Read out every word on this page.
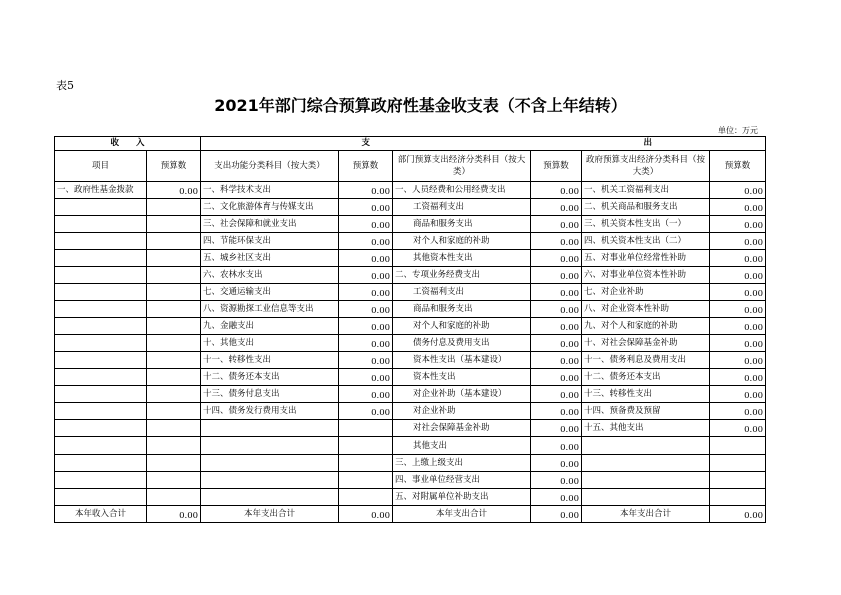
表5
2021年部门综合预算政府性基金收支表（不含上年结转）
单位：万元
收　　入		支			出		
项目	预算数	支出功能分类科目（按大类）	预算数	部门预算支出经济分类科目（按大类）	预算数	政府预算支出经济分类科目（按大类）	预算数
一、政府性基金拨款	0.00	一、科学技术支出	0.00	一、人员经费和公用经费支出	0.00	一、机关工资福利支出	0.00
		二、文化旅游体育与传媒支出	0.00	工资福利支出	0.00	二、机关商品和服务支出	0.00
		三、社会保障和就业支出	0.00	商品和服务支出	0.00	三、机关资本性支出（一）	0.00
		四、节能环保支出	0.00	对个人和家庭的补助	0.00	四、机关资本性支出（二）	0.00
		五、城乡社区支出	0.00	其他资本性支出	0.00	五、对事业单位经常性补助	0.00
		六、农林水支出	0.00	二、专项业务经费支出	0.00	六、对事业单位资本性补助	0.00
		七、交通运输支出	0.00	工资福利支出	0.00	七、对企业补助	0.00
		八、资源勘探工业信息等支出	0.00	商品和服务支出	0.00	八、对企业资本性补助	0.00
		九、金融支出	0.00	对个人和家庭的补助	0.00	九、对个人和家庭的补助	0.00
		十、其他支出	0.00	债务付息及费用支出	0.00	十、对社会保障基金补助	0.00
		十一、转移性支出	0.00	资本性支出（基本建设）	0.00	十一、债务利息及费用支出	0.00
		十二、债务还本支出	0.00	资本性支出	0.00	十二、债务还本支出	0.00
		十三、债务付息支出	0.00	对企业补助（基本建设）	0.00	十三、转移性支出	0.00
		十四、债务发行费用支出	0.00	对企业补助	0.00	十四、预备费及预留	0.00
				对社会保障基金补助	0.00	十五、其他支出	0.00
				其他支出	0.00		
				三、上缴上级支出	0.00		
				四、事业单位经营支出	0.00		
				五、对附属单位补助支出	0.00		
本年收入合计	0.00	本年支出合计	0.00	本年支出合计	0.00	本年支出合计	0.00
